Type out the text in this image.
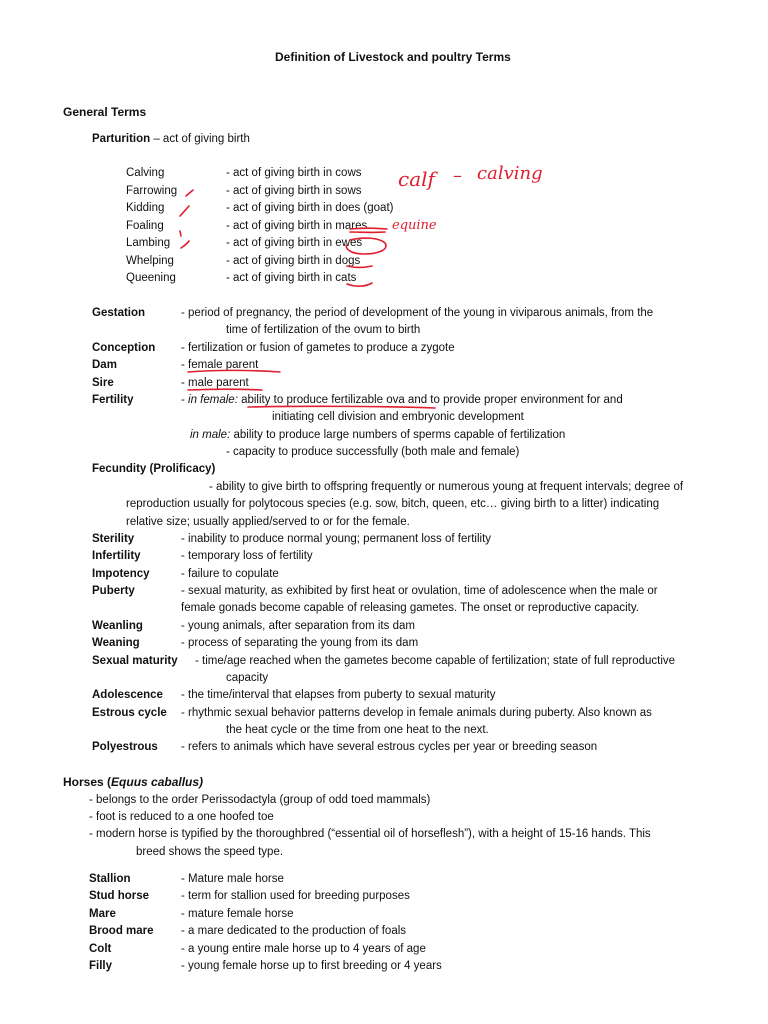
Definition of Livestock and poultry Terms
General Terms
Parturition – act of giving birth
Calving	- act of giving birth in cows
Farrowing	- act of giving birth in sows
Kidding	- act of giving birth in does (goat)
Foaling	- act of giving birth in mares
Lambing	- act of giving birth in ewes
Whelping	- act of giving birth in dogs
Queening	- act of giving birth in cats
calf – calving
equine
Gestation	- period of pregnancy, the period of development of the young in viviparous animals, from the
time of fertilization of the ovum to birth
Conception - fertilization or fusion of gametes to produce a zygote
Dam	- female parent
Sire	- male parent
Fertility	- in female: ability to produce fertilizable ova and to provide proper environment for and
initiating cell division and embryonic development
in male: ability to produce large numbers of sperms capable of fertilization
- capacity to produce successfully (both male and female)
Fecundity (Prolificacy)
- ability to give birth to offspring frequently or numerous young at frequent intervals; degree of
reproduction usually for polytocous species (e.g. sow, bitch, queen, etc… giving birth to a litter) indicating
relative size; usually applied/served to or for the female.
Sterility	- inability to produce normal young; permanent loss of fertility
Infertility	- temporary loss of fertility
Impotency	- failure to copulate
Puberty	- sexual maturity, as exhibited by first heat or ovulation, time of adolescence when the male or
female gonads become capable of releasing gametes. The onset or reproductive capacity.
Weanling	- young animals, after separation from its dam
Weaning	- process of separating the young from its dam
Sexual maturity - time/age reached when the gametes become capable of fertilization; state of full reproductive
capacity
Adolescence - the time/interval that elapses from puberty to sexual maturity
Estrous cycle - rhythmic sexual behavior patterns develop in female animals during puberty. Also known as
the heat cycle or the time from one heat to the next.
Polyestrous - refers to animals which have several estrous cycles per year or breeding season
Horses (Equus caballus)
- belongs to the order Perissodactyla (group of odd toed mammals)
- foot is reduced to a one hoofed toe
- modern horse is typified by the thoroughbred (“essential oil of horseflesh”), with a height of 15-16 hands. This
breed shows the speed type.
Stallion	- Mature male horse
Stud horse	- term for stallion used for breeding purposes
Mare	- mature female horse
Brood mare - a mare dedicated to the production of foals
Colt	- a young entire male horse up to 4 years of age
Filly	- young female horse up to first breeding or 4 years
